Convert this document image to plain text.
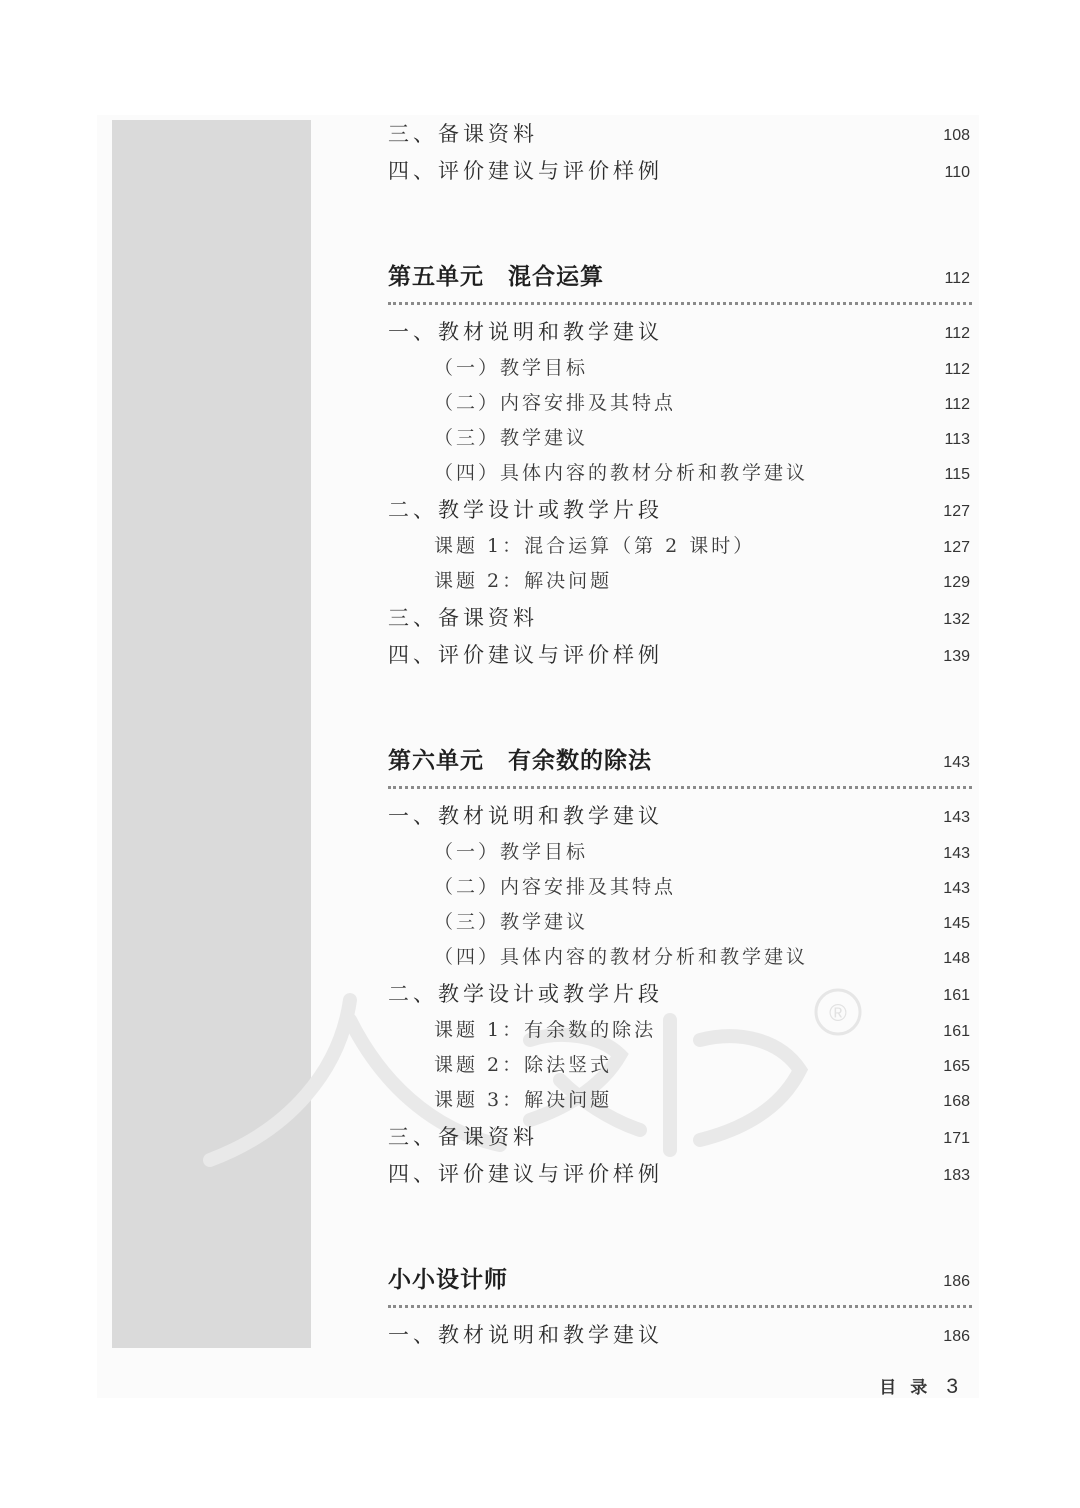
®
三、备课资料	108
四、评价建议与评价样例	110
第五单元　混合运算	112
一、教材说明和教学建议	112
（一）教学目标	112
（二）内容安排及其特点	112
（三）教学建议	113
（四）具体内容的教材分析和教学建议	115
二、教学设计或教学片段	127
课题 1：混合运算（第 2 课时）	127
课题 2：解决问题	129
三、备课资料	132
四、评价建议与评价样例	139
第六单元　有余数的除法	143
一、教材说明和教学建议	143
（一）教学目标	143
（二）内容安排及其特点	143
（三）教学建议	145
（四）具体内容的教材分析和教学建议	148
二、教学设计或教学片段	161
课题 1：有余数的除法	161
课题 2：除法竖式	165
课题 3：解决问题	168
三、备课资料	171
四、评价建议与评价样例	183
小小设计师	186
一、教材说明和教学建议	186
目录 3
